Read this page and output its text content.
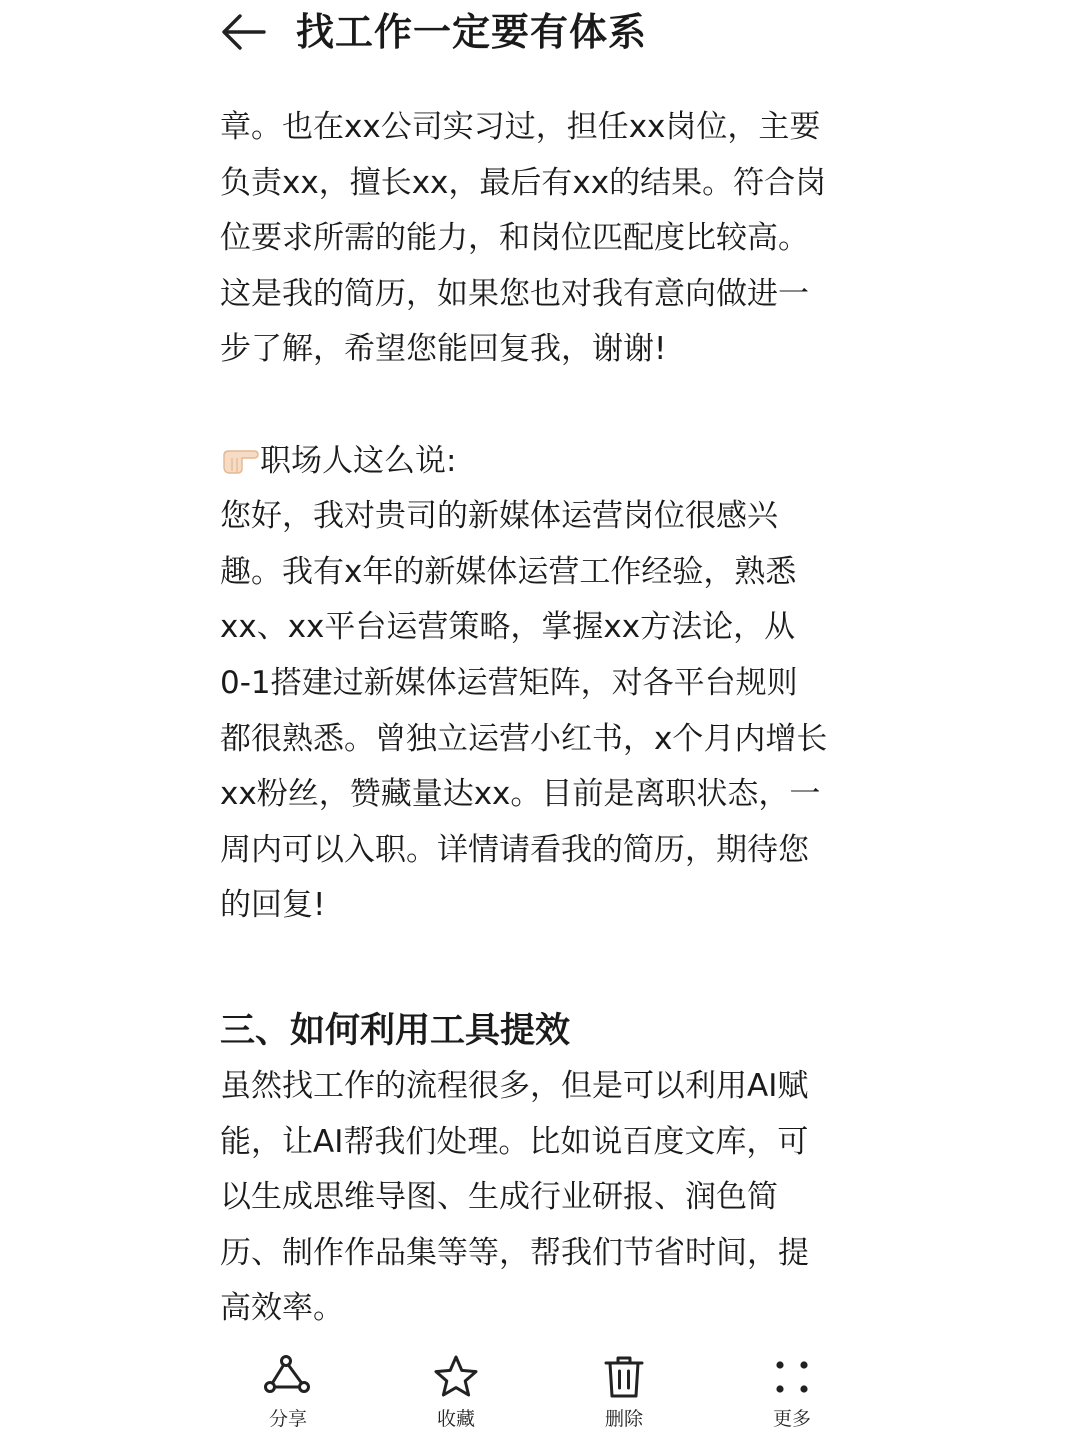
找工作一定要有体系
章。也在xx公司实习过，担任xx岗位，主要
负责xx，擅长xx，最后有xx的结果。符合岗
位要求所需的能力，和岗位匹配度比较高。
这是我的简历，如果您也对我有意向做进一
步了解，希望您能回复我，谢谢!
职场人这么说:
您好，我对贵司的新媒体运营岗位很感兴
趣。我有x年的新媒体运营工作经验，熟悉
xx、xx平台运营策略，掌握xx方法论，从
0-1搭建过新媒体运营矩阵，对各平台规则
都很熟悉。曾独立运营小红书，x个月内增长
xx粉丝，赞藏量达xx。目前是离职状态，一
周内可以入职。详情请看我的简历，期待您
的回复!
三、如何利用工具提效
虽然找工作的流程很多，但是可以利用AI赋
能，让AI帮我们处理。比如说百度文库，可
以生成思维导图、生成行业研报、润色简
历、制作作品集等等，帮我们节省时间，提
高效率。
分享	收藏	删除	更多
